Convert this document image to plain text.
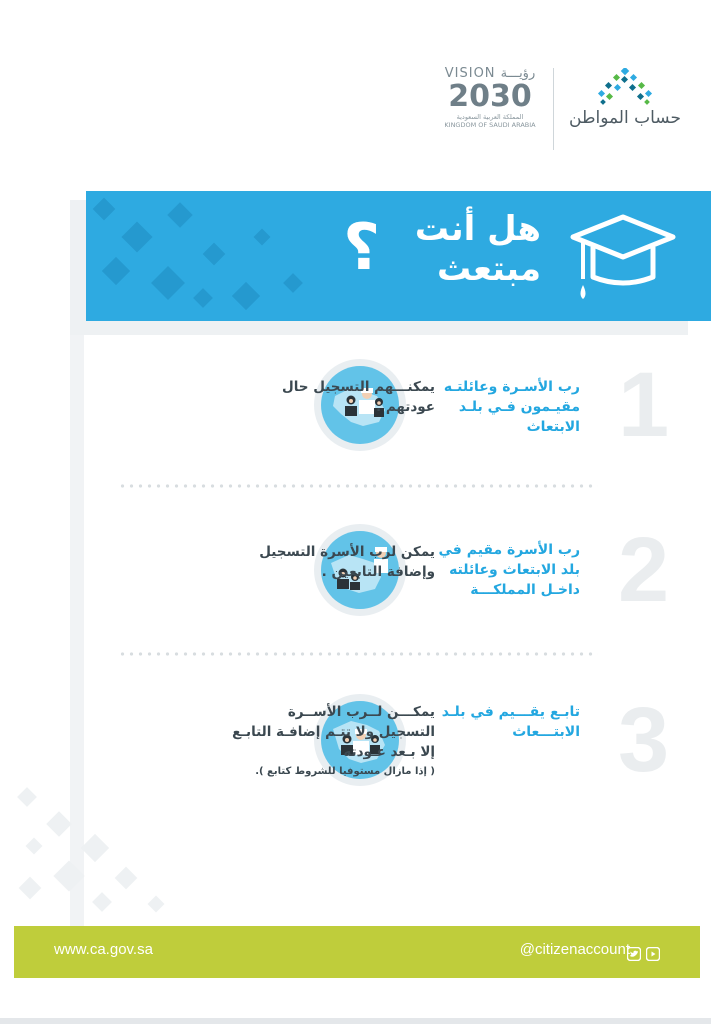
VISION رؤيـــة
2030
المملكة العربية السعودية
KINGDOM OF SAUDI ARABIA	حساب المواطن
؟	هل أنت
مبتعث
1
رب الأسـرة وعائلتـه مقيـمون فـي بلـد الابتعاث
يمكنـــهم التسجيل حال عودتهم .
2
رب الأسرة مقيم في بلد الابتعاث وعائلته داخـل المملكـــة
يمكن لرب الأسرة التسجيل وإضافة التابعين .
3
تابـع يقـــيم في بلـد الابتـــعاث
يمكـــن لــرب الأســرة التسجيل ولا تتـم إضافـة التابـع إلا بـعد عـودته
( إذا مازال مستوفيا للشروط كتابع ).
www.ca.gov.sa	@citizenaccount
